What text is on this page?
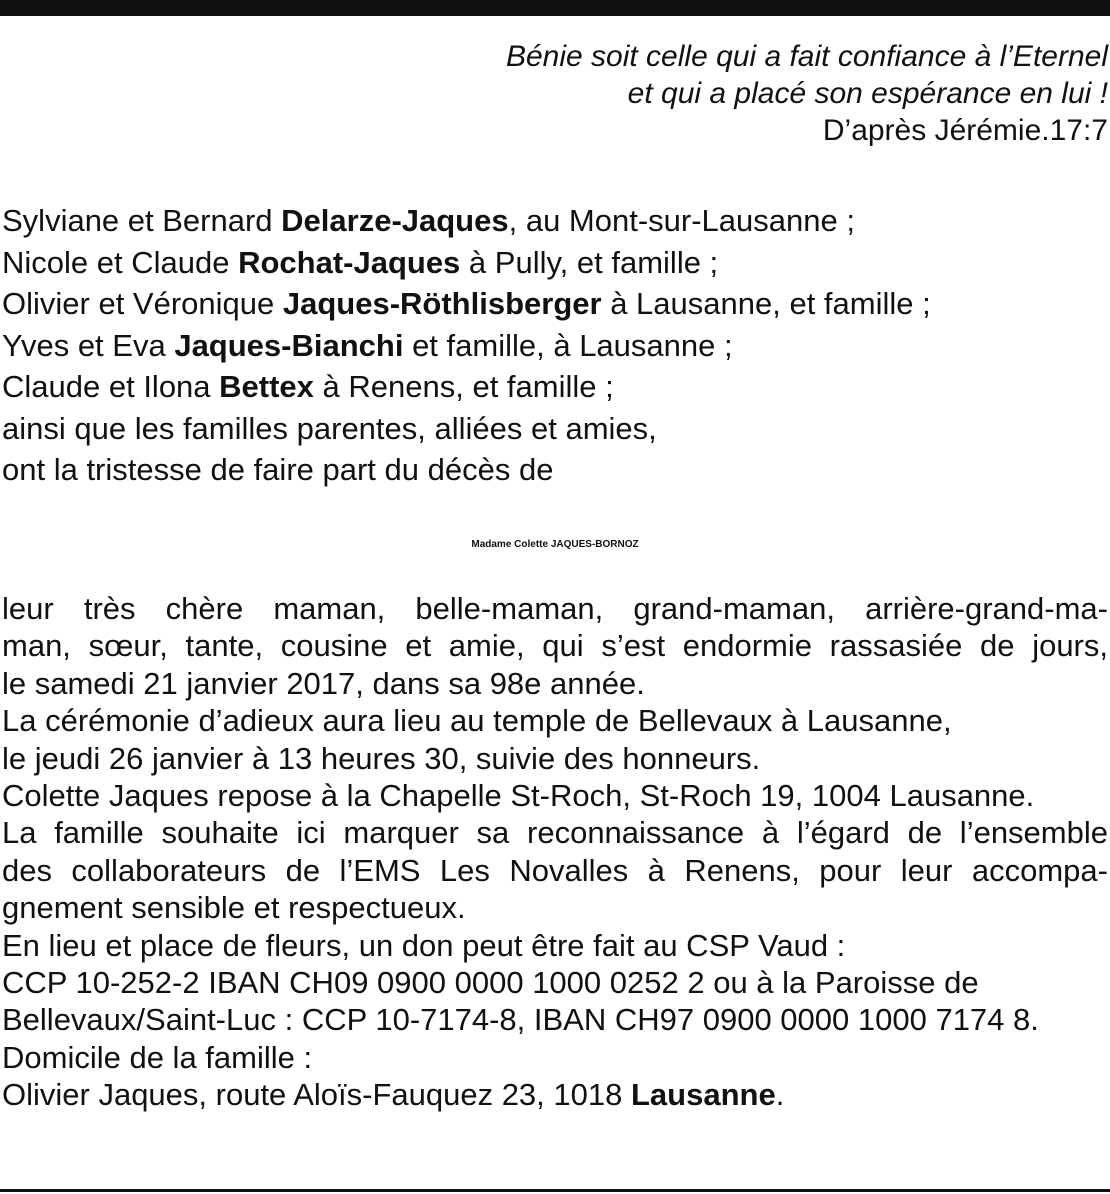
Bénie soit celle qui a fait confiance à l’Eternel
et qui a placé son espérance en lui !
D’après Jérémie.17:7
Sylviane et Bernard Delarze-Jaques, au Mont-sur-Lausanne ;
Nicole et Claude Rochat-Jaques à Pully, et famille ;
Olivier et Véronique Jaques-Röthlisberger à Lausanne, et famille ;
Yves et Eva Jaques-Bianchi et famille, à Lausanne ;
Claude et Ilona Bettex à Renens, et famille ;
ainsi que les familles parentes, alliées et amies,
ont la tristesse de faire part du décès de
Madame Colette JAQUES-BORNOZ
leur très chère maman, belle-maman, grand-maman, arrière-grand-ma-
man, sœur, tante, cousine et amie, qui s’est endormie rassasiée de jours,
le samedi 21 janvier 2017, dans sa 98e année.
La cérémonie d’adieux aura lieu au temple de Bellevaux à Lausanne,
le jeudi 26 janvier à 13 heures 30, suivie des honneurs.
Colette Jaques repose à la Chapelle St-Roch, St-Roch 19, 1004 Lausanne.
La famille souhaite ici marquer sa reconnaissance à l’égard de l’ensemble
des collaborateurs de l’EMS Les Novalles à Renens, pour leur accompa-
gnement sensible et respectueux.
En lieu et place de fleurs, un don peut être fait au CSP Vaud :
CCP 10-252-2 IBAN CH09 0900 0000 1000 0252 2 ou à la Paroisse de
Bellevaux/Saint-Luc : CCP 10-7174-8, IBAN CH97 0900 0000 1000 7174 8.
Domicile de la famille :
Olivier Jaques, route Aloïs-Fauquez 23, 1018 Lausanne.
